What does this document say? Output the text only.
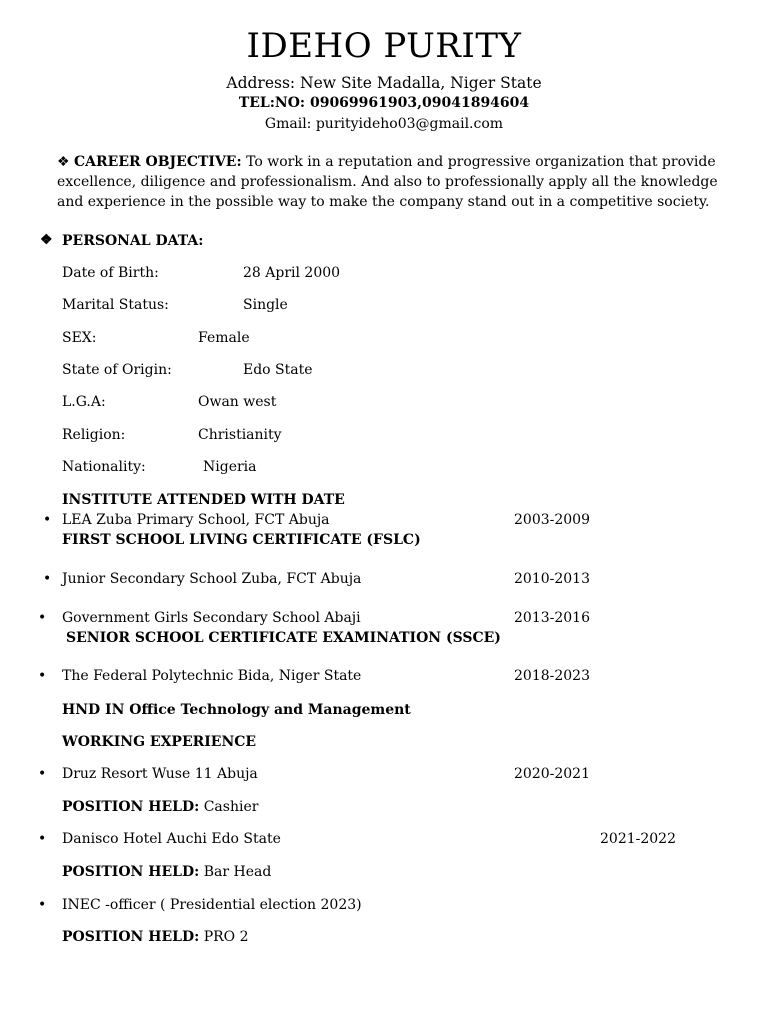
IDEHO PURITY
Address: New Site Madalla, Niger State
TEL:NO: 09069961903,09041894604
Gmail: purityideho03@gmail.com
❖ CAREER OBJECTIVE: To work in a reputation and progressive organization that provide excellence, diligence and professionalism. And also to professionally apply all the knowledge and experience in the possible way to make the company stand out in a competitive society.
❖ PERSONAL DATA:
Date of Birth:	28 April 2000
Marital Status:	Single
SEX:	Female
State of Origin:	Edo State
L.G.A:	Owan west
Religion:	Christianity
Nationality:	Nigeria
INSTITUTE ATTENDED WITH DATE
• LEA Zuba Primary School, FCT Abuja	2003-2009
FIRST SCHOOL LIVING CERTIFICATE (FSLC)
• Junior Secondary School Zuba, FCT Abuja	2010-2013
• Government Girls Secondary School Abaji	2013-2016
SENIOR SCHOOL CERTIFICATE EXAMINATION (SSCE)
• The Federal Polytechnic Bida, Niger State	2018-2023
HND IN Office Technology and Management
WORKING EXPERIENCE
• Druz Resort Wuse 11 Abuja	2020-2021
POSITION HELD: Cashier
• Danisco Hotel Auchi Edo State	2021-2022
POSITION HELD: Bar Head
• INEC -officer ( Presidential election 2023)
POSITION HELD: PRO 2
